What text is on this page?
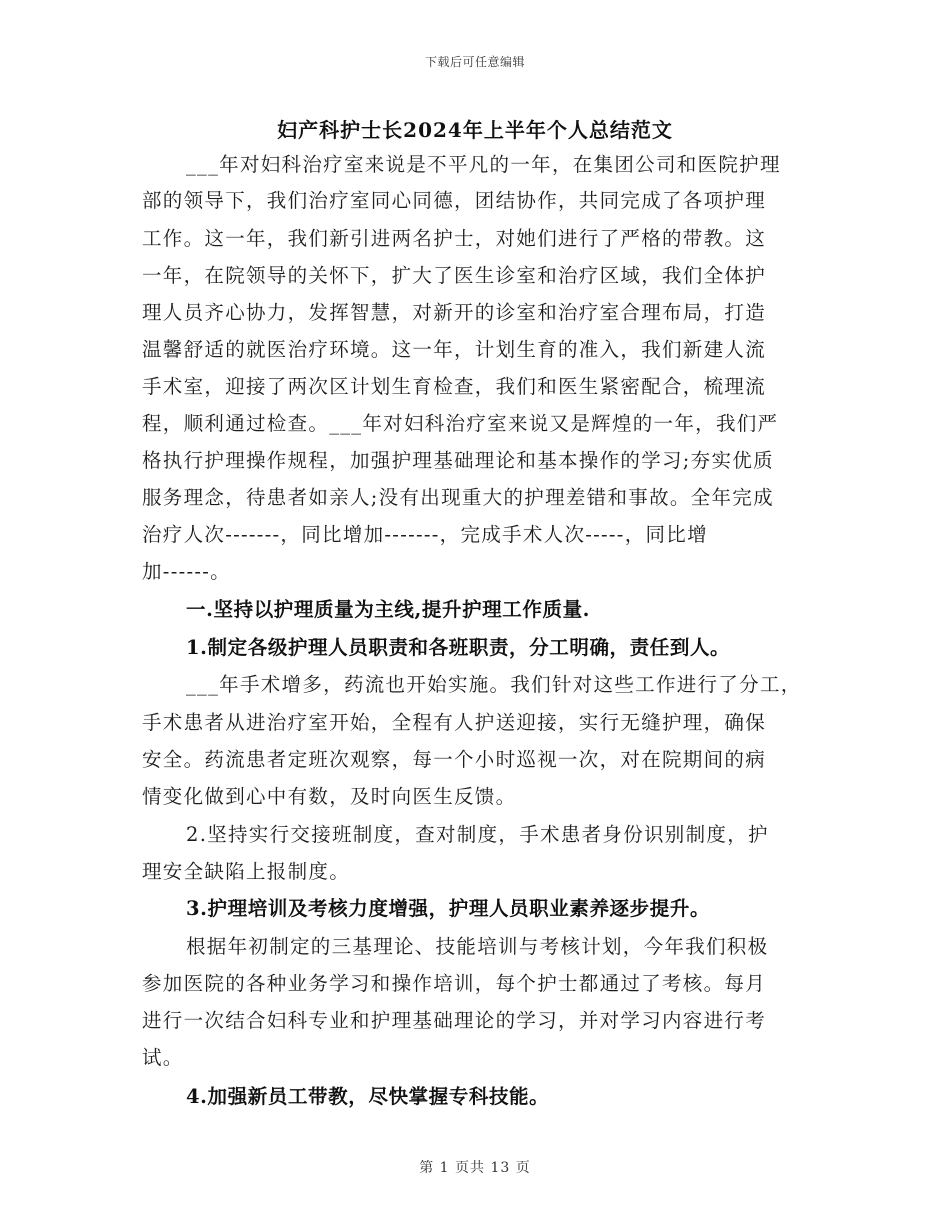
下载后可任意编辑
妇产科护士长2024年上半年个人总结范文
___年对妇科治疗室来说是不平凡的一年，在集团公司和医院护理
部的领导下，我们治疗室同心同德，团结协作，共同完成了各项护理
工作。这一年，我们新引进两名护士，对她们进行了严格的带教。这
一年，在院领导的关怀下，扩大了医生诊室和治疗区域，我们全体护
理人员齐心协力，发挥智慧，对新开的诊室和治疗室合理布局，打造
温馨舒适的就医治疗环境。这一年，计划生育的准入，我们新建人流
手术室，迎接了两次区计划生育检查，我们和医生紧密配合，梳理流
程，顺利通过检查。___年对妇科治疗室来说又是辉煌的一年，我们严
格执行护理操作规程，加强护理基础理论和基本操作的学习;夯实优质
服务理念，待患者如亲人;没有出现重大的护理差错和事故。全年完成
治疗人次-------，同比增加-------，完成手术人次-----，同比增
加------。
一.坚持以护理质量为主线,提升护理工作质量.
1.制定各级护理人员职责和各班职责，分工明确，责任到人。
___年手术增多，药流也开始实施。我们针对这些工作进行了分工，
手术患者从进治疗室开始，全程有人护送迎接，实行无缝护理，确保
安全。药流患者定班次观察，每一个小时巡视一次，对在院期间的病
情变化做到心中有数，及时向医生反馈。
2.坚持实行交接班制度，查对制度，手术患者身份识别制度，护
理安全缺陷上报制度。
3.护理培训及考核力度增强，护理人员职业素养逐步提升。
根据年初制定的三基理论、技能培训与考核计划，今年我们积极
参加医院的各种业务学习和操作培训，每个护士都通过了考核。每月
进行一次结合妇科专业和护理基础理论的学习，并对学习内容进行考
试。
4.加强新员工带教，尽快掌握专科技能。
第 1 页共 13 页
